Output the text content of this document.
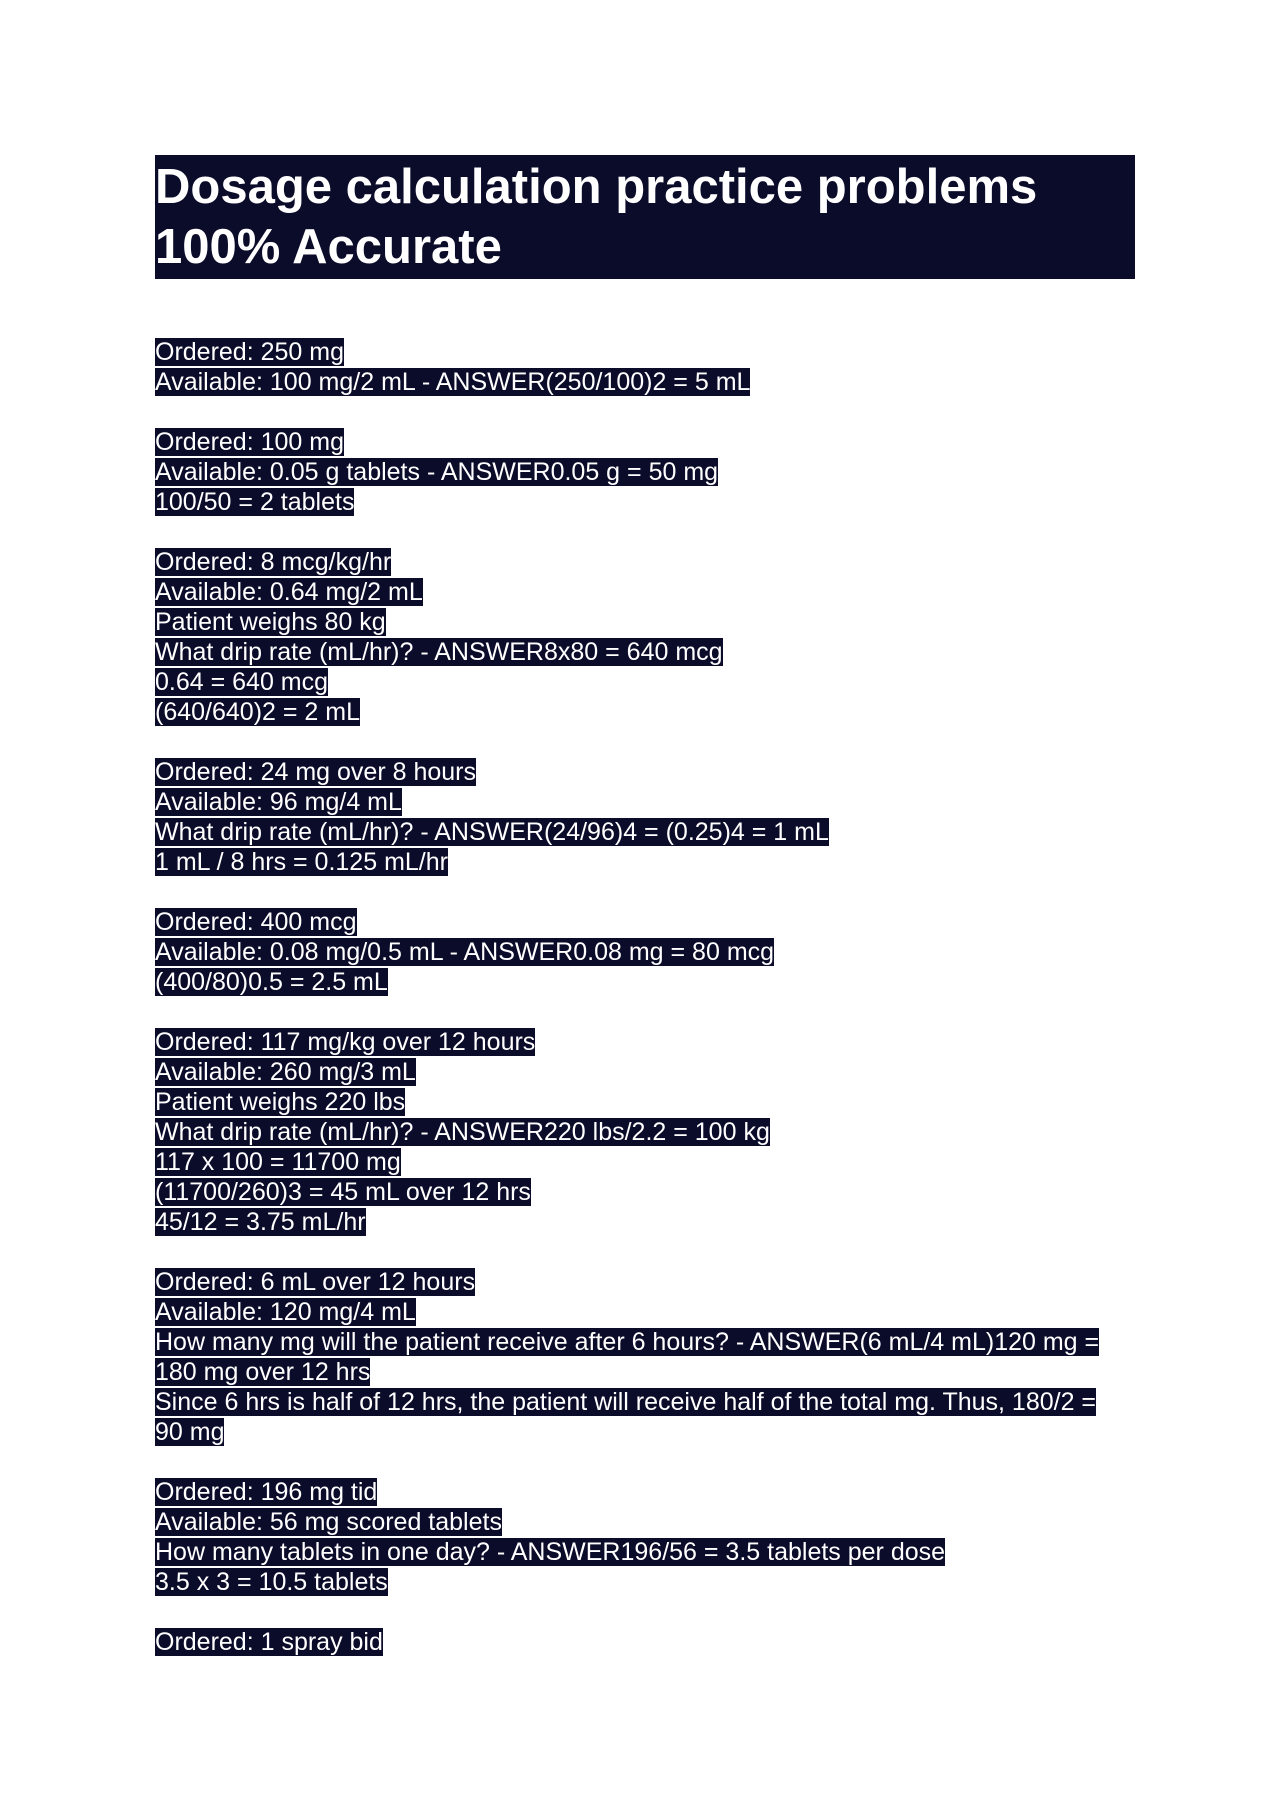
Dosage calculation practice problems
100% Accurate
Ordered: 250 mg
Available: 100 mg/2 mL - ANSWER(250/100)2 = 5 mL
Ordered: 100 mg
Available: 0.05 g tablets - ANSWER0.05 g = 50 mg
100/50 = 2 tablets
Ordered: 8 mcg/kg/hr
Available: 0.64 mg/2 mL
Patient weighs 80 kg
What drip rate (mL/hr)? - ANSWER8x80 = 640 mcg
0.64 = 640 mcg
(640/640)2 = 2 mL
Ordered: 24 mg over 8 hours
Available: 96 mg/4 mL
What drip rate (mL/hr)? - ANSWER(24/96)4 = (0.25)4 = 1 mL
1 mL / 8 hrs = 0.125 mL/hr
Ordered: 400 mcg
Available: 0.08 mg/0.5 mL - ANSWER0.08 mg = 80 mcg
(400/80)0.5 = 2.5 mL
Ordered: 117 mg/kg over 12 hours
Available: 260 mg/3 mL
Patient weighs 220 lbs
What drip rate (mL/hr)? - ANSWER220 lbs/2.2 = 100 kg
117 x 100 = 11700 mg
(11700/260)3 = 45 mL over 12 hrs
45/12 = 3.75 mL/hr
Ordered: 6 mL over 12 hours
Available: 120 mg/4 mL
How many mg will the patient receive after 6 hours? - ANSWER(6 mL/4 mL)120 mg = 180 mg over 12 hrs
Since 6 hrs is half of 12 hrs, the patient will receive half of the total mg. Thus, 180/2 = 90 mg
Ordered: 196 mg tid
Available: 56 mg scored tablets
How many tablets in one day? - ANSWER196/56 = 3.5 tablets per dose
3.5 x 3 = 10.5 tablets
Ordered: 1 spray bid
